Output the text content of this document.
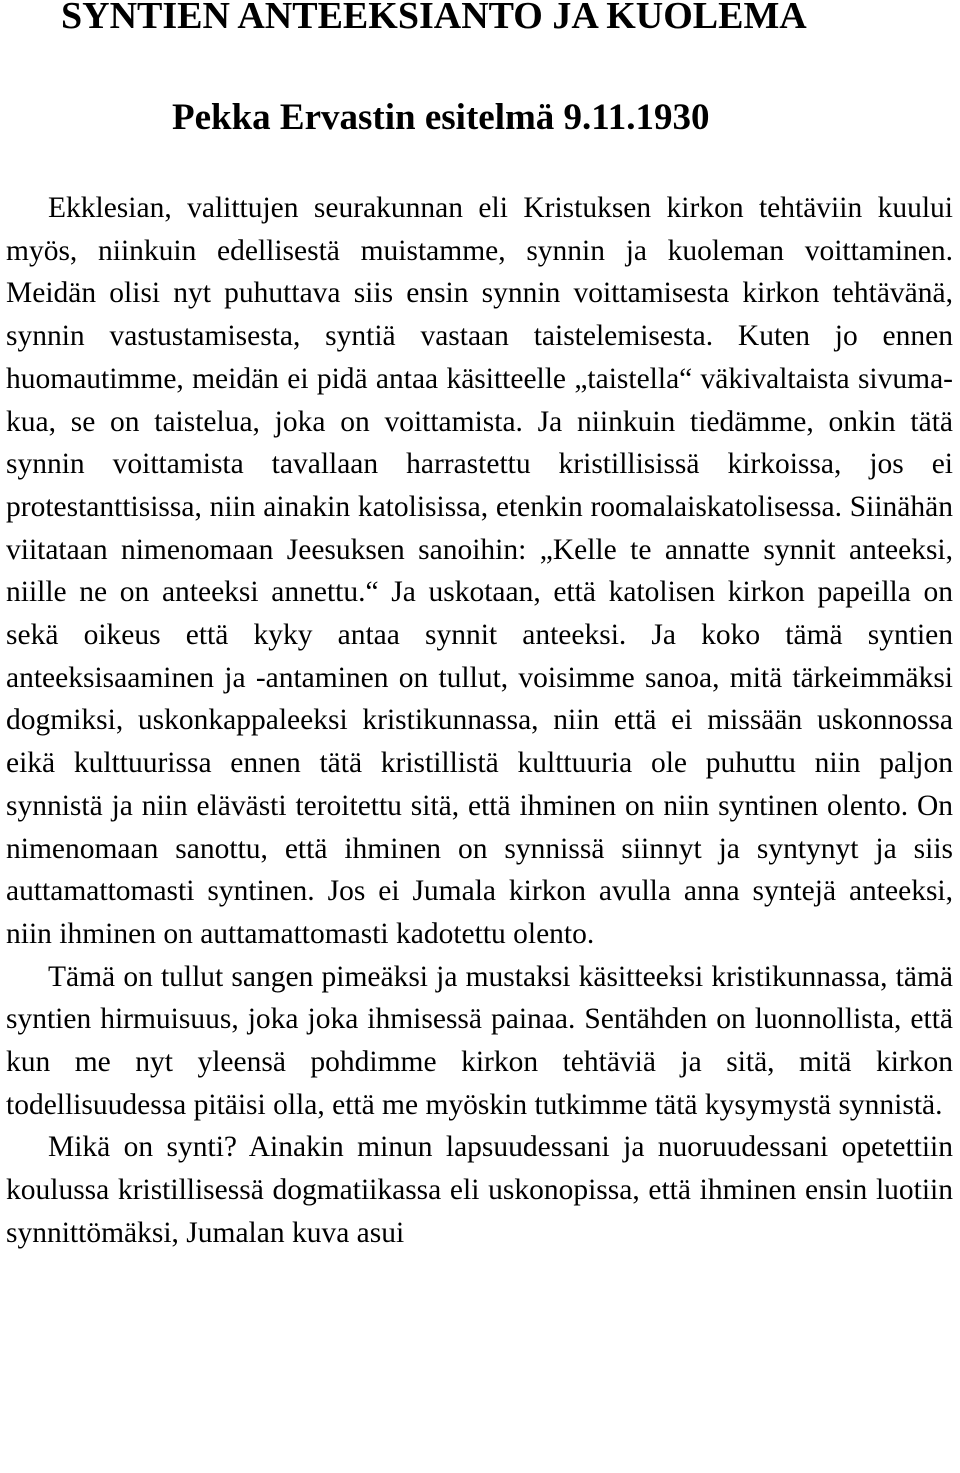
SYNTIEN ANTEEKSIANTO JA KUOLEMA
Pekka Ervastin esitelmä 9.11.1930

Ekklesian, valittujen seurakunnan eli Kristuksen kirkon tehtäviin kuului myös, niinkuin edellisestä muistamme, synnin ja kuoleman voittaminen. Meidän olisi nyt puhuttava siis ensin synnin voittamisesta kirkon tehtävänä, synnin vastustamisesta, syntiä vastaan taistelemisesta. Kuten jo ennen huomautimme, meidän ei pidä antaa käsitteelle „taistella“ väkivaltaista sivumakua, se on taistelua, joka on voittamista. Ja niinkuin tiedämme, onkin tätä synnin voittamista tavallaan harrastettu kristillisissä kirkoissa, jos ei protestanttisissa, niin ainakin katolisissa, etenkin roomalaiskatolisessa. Siinähän viitataan nimenomaan Jeesuksen sanoihin: „Kelle te annatte synnit anteeksi, niille ne on anteeksi annettu.“ Ja uskotaan, että katolisen kirkon papeilla on sekä oikeus että kyky antaa synnit anteeksi. Ja koko tämä syntien anteeksisaaminen ja -antaminen on tullut, voisimme sanoa, mitä tärkeimmäksi dogmiksi, uskonkappaleeksi kristikunnassa, niin että ei missään uskonnossa eikä kulttuurissa ennen tätä kristillistä kulttuuria ole puhuttu niin paljon synnistä ja niin elävästi teroitettu sitä, että ihminen on niin syntinen olento. On nimenomaan sanottu, että ihminen on synnissä siinnyt ja syntynyt ja siis auttamattomasti syntinen. Jos ei Jumala kirkon avulla anna syntejä anteeksi, niin ihminen on auttamattomasti kadotettu olento.

Tämä on tullut sangen pimeäksi ja mustaksi käsitteeksi kristikunnassa, tämä syntien hirmuisuus, joka joka ihmisessä painaa. Sentähden on luonnollista, että kun me nyt yleensä pohdimme kirkon tehtäviä ja sitä, mitä kirkon todellisuudessa pitäisi olla, että me myöskin tutkimme tätä kysymystä synnistä.

Mikä on synti? Ainakin minun lapsuudessani ja nuoruudessani opetettiin koulussa kristillisessä dogmatiikassa eli uskonopissa, että ihminen ensin luotiin synnittömäksi, Jumalan kuva asui
